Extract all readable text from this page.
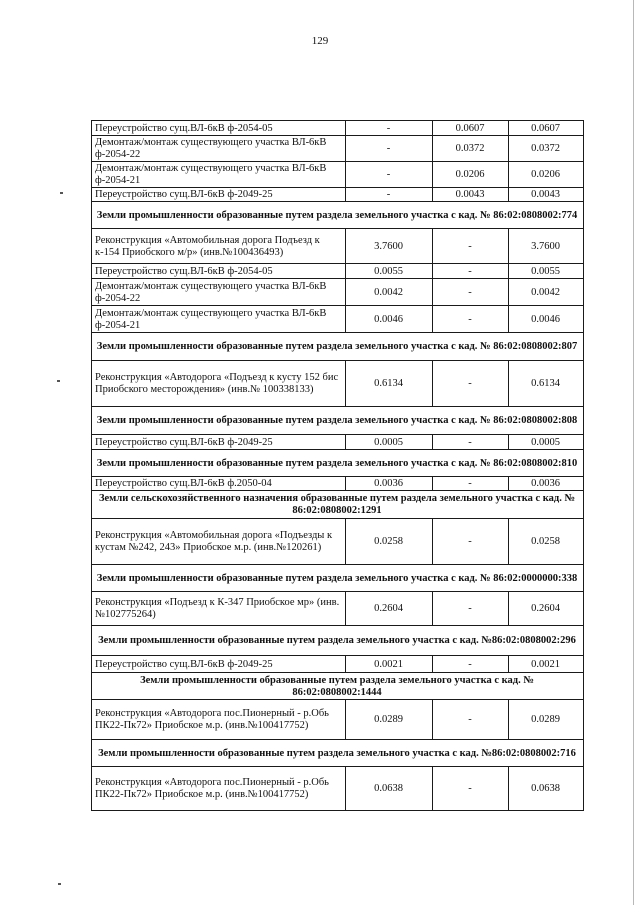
129
Переустройство сущ.ВЛ-6кВ ф-2054-05	-	0.0607	0.0607
Демонтаж/монтаж существующего участка ВЛ-6кВ ф-2054-22	-	0.0372	0.0372
Демонтаж/монтаж существующего участка ВЛ-6кВ ф-2054-21	-	0.0206	0.0206
Переустройство сущ.ВЛ-6кВ ф-2049-25	-	0.0043	0.0043
Земли промышленности образованные путем раздела земельного участка с кад. № 86:02:0808002:774			
Реконструкция «Автомобильная дорога Подъезд к к-154 Приобского м/р» (инв.№100436493)	3.7600	-	3.7600
Переустройство сущ.ВЛ-6кВ ф-2054-05	0.0055	-	0.0055
Демонтаж/монтаж существующего участка ВЛ-6кВ ф-2054-22	0.0042	-	0.0042
Демонтаж/монтаж существующего участка ВЛ-6кВ ф-2054-21	0.0046	-	0.0046
Земли промышленности образованные путем раздела земельного участка с кад. № 86:02:0808002:807			
Реконструкция «Автодорога «Подъезд к кусту 152 бис Приобского месторождения» (инв.№ 100338133)	0.6134	-	0.6134
Земли промышленности образованные путем раздела земельного участка с кад. № 86:02:0808002:808			
Переустройство сущ.ВЛ-6кВ ф-2049-25	0.0005	-	0.0005
Земли промышленности образованные путем раздела земельного участка с кад. № 86:02:0808002:810			
Переустройство сущ.ВЛ-6кВ ф.2050-04	0.0036	-	0.0036
Земли сельскохозяйственного назначения образованные путем раздела земельного участка с кад. № 86:02:0808002:1291			
Реконструкция «Автомобильная дорога «Подъезды к кустам №242, 243» Приобское м.р. (инв.№120261)	0.0258	-	0.0258
Земли промышленности образованные путем раздела земельного участка с кад. № 86:02:0000000:338			
Реконструкция «Подъезд к К-347 Приобское мр» (инв.№102775264)	0.2604	-	0.2604
Земли промышленности образованные путем раздела земельного участка с кад. №86:02:0808002:296			
Переустройство сущ.ВЛ-6кВ ф-2049-25	0.0021	-	0.0021
Земли промышленности образованные путем раздела земельного участка с кад. № 86:02:0808002:1444			
Реконструкция «Автодорога пос.Пионерный - р.Обь ПК22-Пк72» Приобское м.р. (инв.№100417752)	0.0289	-	0.0289
Земли промышленности образованные путем раздела земельного участка с кад. №86:02:0808002:716			
Реконструкция «Автодорога пос.Пионерный - р.Обь ПК22-Пк72» Приобское м.р. (инв.№100417752)	0.0638	-	0.0638
